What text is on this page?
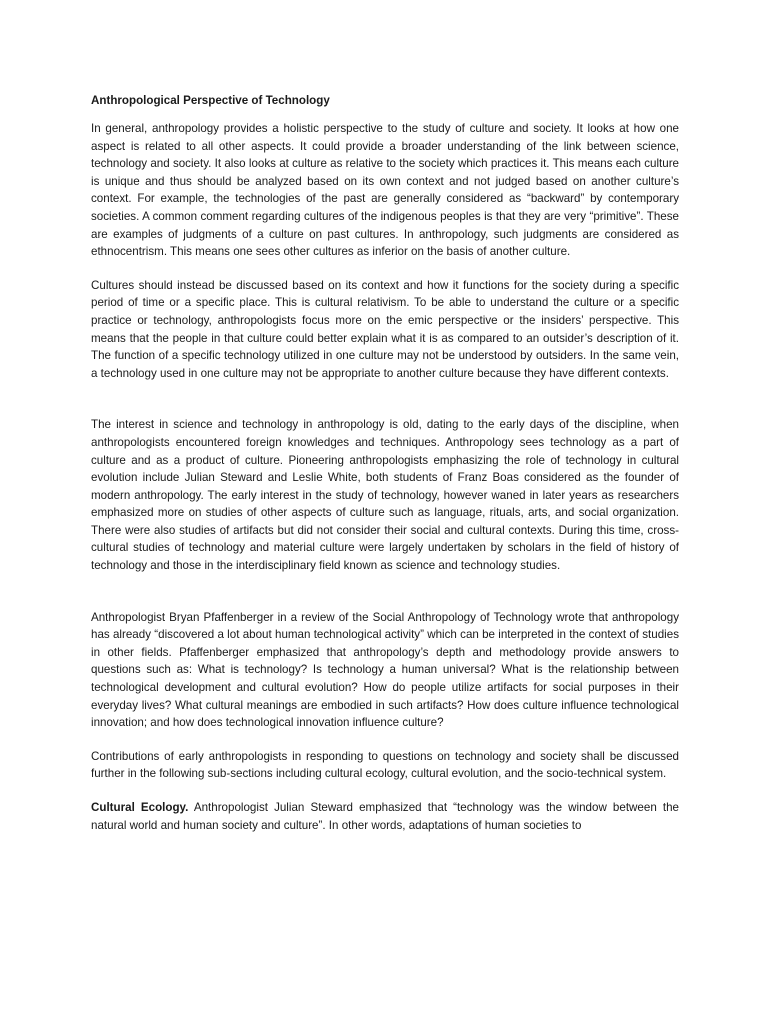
Anthropological Perspective of Technology

In general, anthropology provides a holistic perspective to the study of culture and society. It looks at how one aspect is related to all other aspects. It could provide a broader understanding of the link between science, technology and society. It also looks at culture as relative to the society which practices it. This means each culture is unique and thus should be analyzed based on its own context and not judged based on another culture’s context. For example, the technologies of the past are generally considered as “backward” by contemporary societies. A common comment regarding cultures of the indigenous peoples is that they are very “primitive”. These are examples of judgments of a culture on past cultures. In anthropology, such judgments are considered as ethnocentrism. This means one sees other cultures as inferior on the basis of another culture.

Cultures should instead be discussed based on its context and how it functions for the society during a specific period of time or a specific place. This is cultural relativism. To be able to understand the culture or a specific practice or technology, anthropologists focus more on the emic perspective or the insiders’ perspective. This means that the people in that culture could better explain what it is as compared to an outsider’s description of it. The function of a specific technology utilized in one culture may not be understood by outsiders. In the same vein, a technology used in one culture may not be appropriate to another culture because they have different contexts.

The interest in science and technology in anthropology is old, dating to the early days of the discipline, when anthropologists encountered foreign knowledges and techniques. Anthropology sees technology as a part of culture and as a product of culture. Pioneering anthropologists emphasizing the role of technology in cultural evolution include Julian Steward and Leslie White, both students of Franz Boas considered as the founder of modern anthropology. The early interest in the study of technology, however waned in later years as researchers emphasized more on studies of other aspects of culture such as language, rituals, arts, and social organization. There were also studies of artifacts but did not consider their social and cultural contexts. During this time, cross-cultural studies of technology and material culture were largely undertaken by scholars in the field of history of technology and those in the interdisciplinary field known as science and technology studies.

Anthropologist Bryan Pfaffenberger in a review of the Social Anthropology of Technology wrote that anthropology has already “discovered a lot about human technological activity” which can be interpreted in the context of studies in other fields. Pfaffenberger emphasized that anthropology’s depth and methodology provide answers to questions such as: What is technology? Is technology a human universal? What is the relationship between technological development and cultural evolution? How do people utilize artifacts for social purposes in their everyday lives? What cultural meanings are embodied in such artifacts? How does culture influence technological innovation; and how does technological innovation influence culture?

Contributions of early anthropologists in responding to questions on technology and society shall be discussed further in the following sub-sections including cultural ecology, cultural evolution, and the socio-technical system.

Cultural Ecology. Anthropologist Julian Steward emphasized that “technology was the window between the natural world and human society and culture”. In other words, adaptations of human societies to
